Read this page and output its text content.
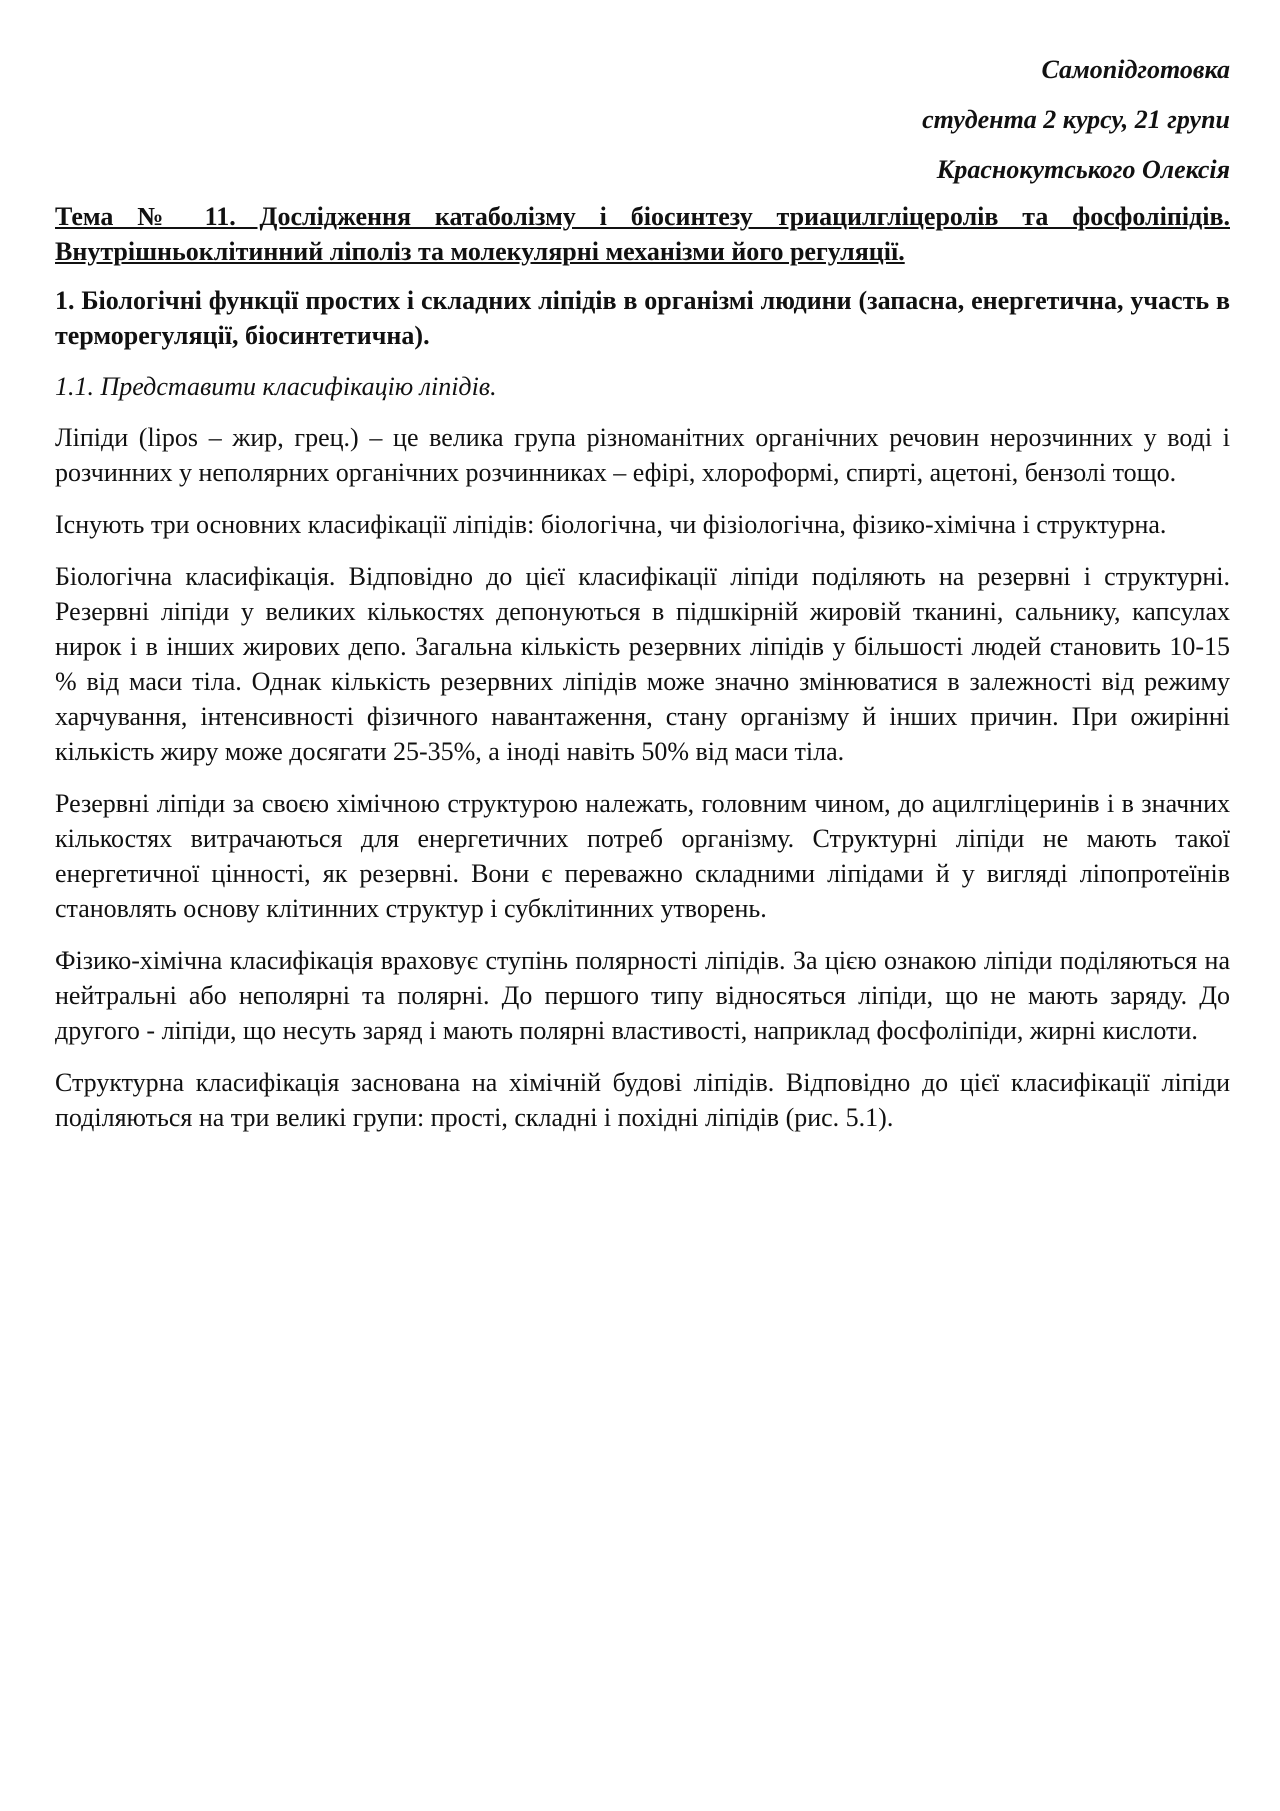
Самопідготовка

студента 2 курсу, 21 групи

Краснокутського Олексія

Тема № 11. Дослідження катаболізму і біосинтезу триацилгліцеролів та фосфоліпідів. Внутрішньоклітинний ліполіз та молекулярні механізми його регуляції.

1. Біологічні функції простих і складних ліпідів в організмі людини (запасна, енергетична, участь в терморегуляції, біосинтетична).

1.1. Представити класифікацію ліпідів.

Ліпіди (lipos – жир, грец.) – це велика група різноманітних органічних речовин нерозчинних у воді і розчинних у неполярних органічних розчинниках – ефірі, хлороформі, спирті, ацетоні, бензолі тощо.

Існують три основних класифікації ліпідів: біологічна, чи фізіологічна, фізико-хімічна і структурна.

Біологічна класифікація. Відповідно до цієї класифікації ліпіди поділяють на резервні і структурні. Резервні ліпіди у великих кількостях депонуються в підшкірній жировій тканині, сальнику, капсулах нирок і в інших жирових депо. Загальна кількість резервних ліпідів у більшості людей становить 10-15 % від маси тіла. Однак кількість резервних ліпідів може значно змінюватися в залежності від режиму харчування, інтенсивності фізичного навантаження, стану організму й інших причин. При ожирінні кількість жиру може досягати 25-35%, а іноді навіть 50% від маси тіла.

Резервні ліпіди за своєю хімічною структурою належать, головним чином, до ацилгліцеринів і в значних кількостях витрачаються для енергетичних потреб організму. Структурні ліпіди не мають такої енергетичної цінності, як резервні. Вони є переважно складними ліпідами й у вигляді ліпопротеїнів становлять основу клітинних структур і субклітинних утворень.

Фізико-хімічна класифікація враховує ступінь полярності ліпідів. За цією ознакою ліпіди поділяються на нейтральні або неполярні та полярні. До першого типу відносяться ліпіди, що не мають заряду. До другого - ліпіди, що несуть заряд і мають полярні властивості, наприклад фосфоліпіди, жирні кислоти.

Структурна класифікація заснована на хімічній будові ліпідів. Відповідно до цієї класифікації ліпіди поділяються на три великі групи: прості, складні і похідні ліпідів (рис. 5.1).
